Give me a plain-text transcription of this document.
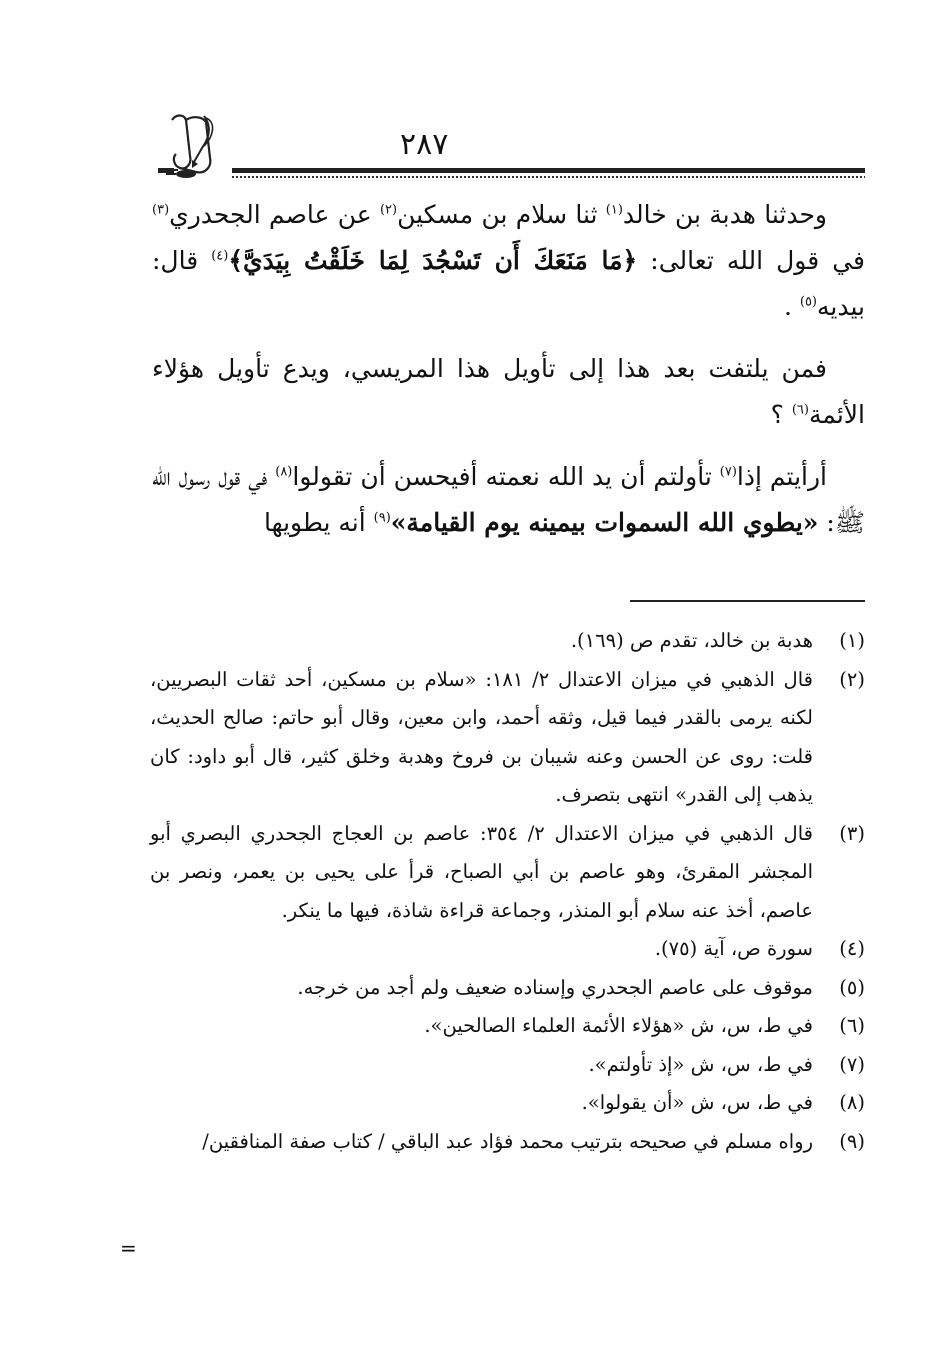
٢٨٧

وحدثنا هدبة بن خالد$^{(١)}$ ثنا سلام بن مسكين$^{(٢)}$ عن عاصم الجحدري$^{(٣)}$ في قول الله تعالى: ﴿مَا مَنَعَكَ أَن تَسْجُدَ لِمَا خَلَقْتُ بِيَدَيَّ﴾$^{(٤)}$ قال: بيديه$^{(٥)}$ .

فمن يلتفت بعد هذا إلى تأويل هذا المريسي، ويدع تأويل هؤلاء الأئمة$^{(٦)}$ ؟

أرأيتم إذا$^{(٧)}$ تأولتم أن يد الله نعمته أفيحسن أن تقولوا$^{(٨)}$ في قول رسول الله ﷺ: «يطوي الله السموات بيمينه يوم القيامة»$^{(٩)}$ أنه يطويها

(١)
هدبة بن خالد، تقدم ص (١٦٩).
(٢)
قال الذهبي في ميزان الاعتدال ٢/ ١٨١: «سلام بن مسكين، أحد ثقات البصريين، لكنه يرمى بالقدر فيما قيل، وثقه أحمد، وابن معين، وقال أبو حاتم: صالح الحديث، قلت: روى عن الحسن وعنه شيبان بن فروخ وهدبة وخلق كثير، قال أبو داود: كان يذهب إلى القدر» انتهى بتصرف.
(٣)
قال الذهبي في ميزان الاعتدال ٢/ ٣٥٤: عاصم بن العجاج الجحدري البصري أبو المجشر المقرئ، وهو عاصم بن أبي الصباح، قرأ على يحيى بن يعمر، ونصر بن عاصم، أخذ عنه سلام أبو المنذر، وجماعة قراءة شاذة، فيها ما ينكر.
(٤)
سورة ص، آية (٧٥).
(٥)
موقوف على عاصم الجحدري وإسناده ضعيف ولم أجد من خرجه.
(٦)
في ط، س، ش «هؤلاء الأئمة العلماء الصالحين».
(٧)
في ط، س، ش «إذ تأولتم».
(٨)
في ط، س، ش «أن يقولوا».
(٩)
رواه مسلم في صحيحه بترتيب محمد فؤاد عبد الباقي / كتاب صفة المنافقين/
=
